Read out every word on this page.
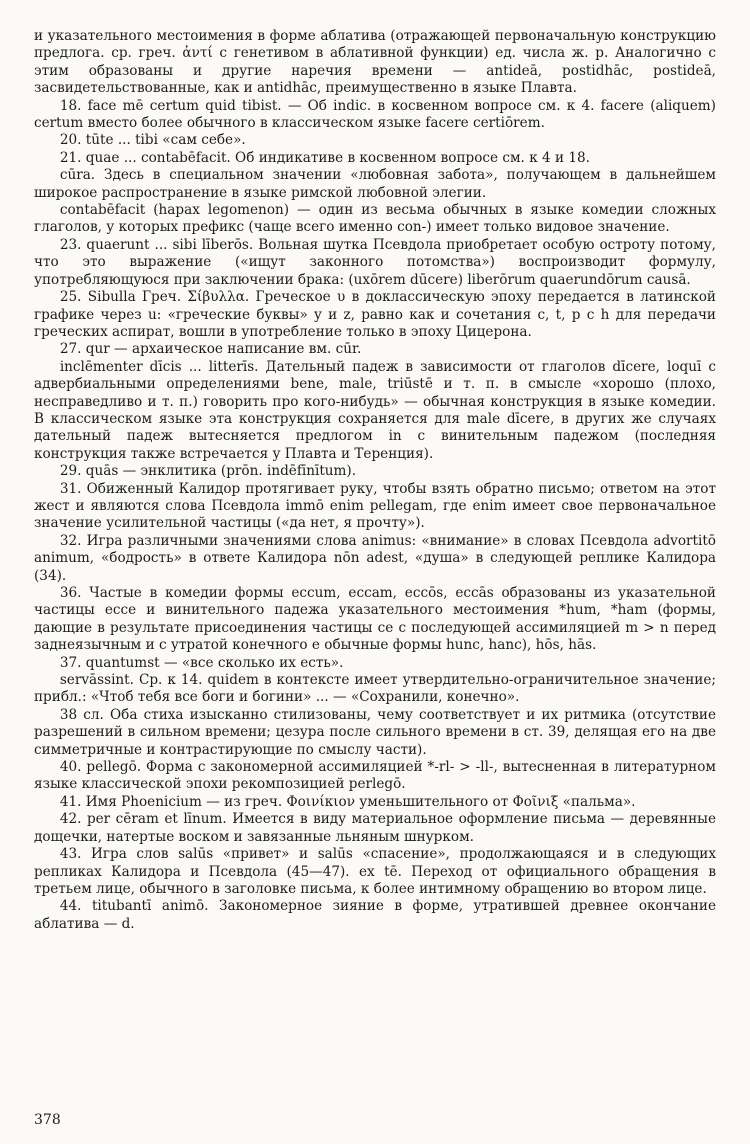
и указательного местоимения в форме аблатива (отражающей первоначальную конструкцию предлога. ср. греч. ἀντί с генетивом в аблативной функции) ед. числа ж. р. Аналогично с этим образованы и другие наречия времени — antideā, postidhāc, postideā, засвидетельствованные, как и antidhāc, преимущественно в языке Плавта.

18. face mē certum quid tibist. — Об indic. в косвенном вопросе см. к 4. facere (aliquem) certum вместо более обычного в классическом языке facere certiōrem.

20. tūte ... tibi «сам себе».

21. quae ... contabēfacit. Об индикативе в косвенном вопросе см. к 4 и 18.

cūra. Здесь в специальном значении «любовная забота», получающем в дальнейшем широкое распространение в языке римской любовной элегии.

contabēfacit (hapax legomenon) — один из весьма обычных в языке комедии сложных глаголов, у которых префикс (чаще всего именно con-) имеет только видовое значение.

23. quaerunt ... sibi līberōs. Вольная шутка Псевдола приобретает особую остроту потому, что это выражение («ищут законного потомства») воспроизводит формулу, употребляющуюся при заключении брака: (uxōrem dūcere) liberōrum quaerundōrum causā.

25. Sibulla Греч. Σίβυλλα. Греческое υ в доклассическую эпоху передается в латинской графике через u: «греческие буквы» y и z, равно как и сочетания c, t, p c h для передачи греческих аспират, вошли в употребление только в эпоху Цицерона.

27. qur — архаическое написание вм. cūr.

inclēmenter dīcis ... litterīs. Дательный падеж в зависимости от глаголов dīcere, loquī с адвербиальными определениями bene, male, triūstē и т. п. в смысле «хорошо (плохо, несправедливо и т. п.) говорить про кого-нибудь» — обычная конструкция в языке комедии. В классическом языке эта конструкция сохраняется для male dīcere, в других же случаях дательный падеж вытесняется предлогом in с винительным падежом (последняя конструкция также встречается у Плавта и Теренция).

29. quās — энклитика (prōn. indēfīnītum).

31. Обиженный Калидор протягивает руку, чтобы взять обратно письмо; ответом на этот жест и являются слова Псевдола immō enim pellegam, где enim имеет свое первоначальное значение усилительной частицы («да нет, я прочту»).

32. Игра различными значениями слова animus: «внимание» в словах Псевдола advortitō animum, «бодрость» в ответе Калидора nōn adest, «душа» в следующей реплике Калидора (34).

36. Частые в комедии формы eccum, eccam, eccōs, eccās образованы из указательной частицы ecce и винительного падежа указательного местоимения *hum, *ham (формы, дающие в результате присоединения частицы ce с последующей ассимиляцией m > n перед заднеязычным и с утратой конечного e обычные формы hunc, hanc), hōs, hās.

37. quantumst — «все сколько их есть».

servāssint. Ср. к 14. quidem в контексте имеет утвердительно-ограничительное значение; прибл.: «Чтоб тебя все боги и богини» ... — «Сохранили, конечно».

38 сл. Оба стиха изысканно стилизованы, чему соответствует и их ритмика (отсутствие разрешений в сильном времени; цезура после сильного времени в ст. 39, делящая его на две симметричные и контрастирующие по смыслу части).

40. pellegō. Форма с закономерной ассимиляцией *-rl- > -ll-, вытесненная в литературном языке классической эпохи рекомпозицией perlegō.

41. Имя Phoenicium — из греч. Φοινίκιον уменьшительного от Φοῖνιξ «пальма».

42. per cēram et līnum. Имеется в виду материальное оформление письма — деревянные дощечки, натертые воском и завязанные льняным шнурком.

43. Игра слов salūs «привет» и salūs «спасение», продолжающаяся и в следующих репликах Калидора и Псевдола (45—47). ex tē. Переход от официального обращения в третьем лице, обычного в заголовке письма, к более интимному обращению во втором лице.

44. titubantī animō. Закономерное зияние в форме, утратившей древнее окончание аблатива — d.

378
